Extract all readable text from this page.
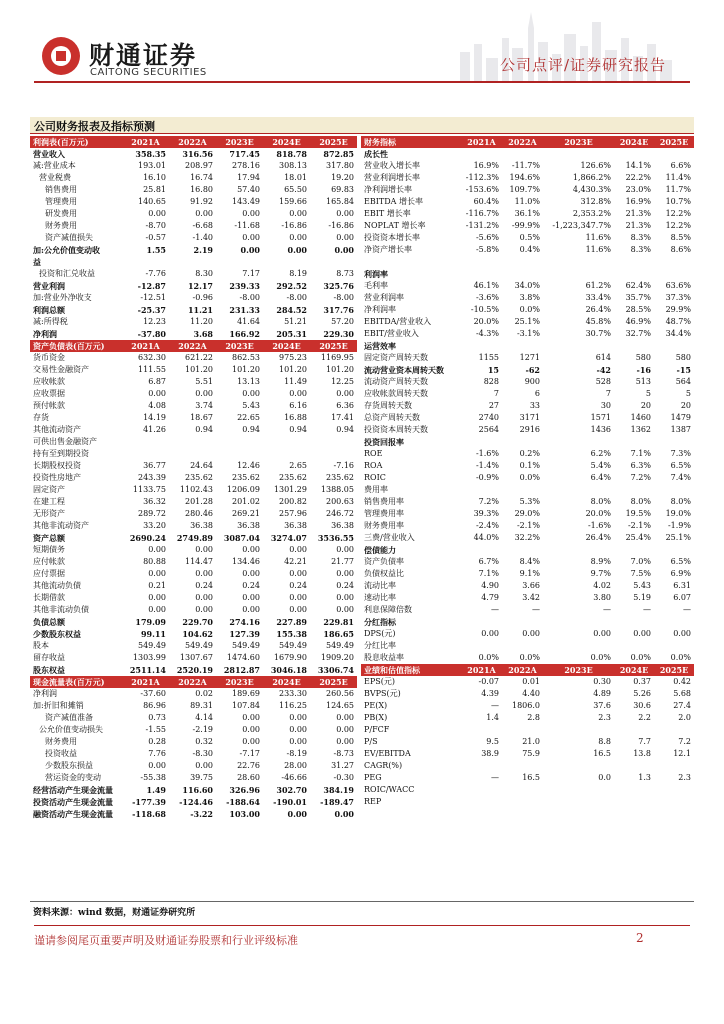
财通证券
CAITONG SECURITIES	公司点评/证券研究报告
公司财务报表及指标预测
利润表(百万元)	2021A	2022A	2023E	2024E	2025E
营业收入	358.35	316.56	717.45	818.78	872.85
减:营业成本	193.01	208.97	278.16	308.13	317.80
营业税费	16.10	16.74	17.94	18.01	19.20
销售费用	25.81	16.80	57.40	65.50	69.83
管理费用	140.65	91.92	143.49	159.66	165.84
研发费用	0.00	0.00	0.00	0.00	0.00
财务费用	-8.70	-6.68	-11.68	-16.86	-16.86
资产减值损失	-0.57	-1.40	0.00	0.00	0.00
加:公允价值变动收	1.55	2.19	0.00	0.00	0.00
益					
投资和汇兑收益	-7.76	8.30	7.17	8.19	8.73
营业利润	-12.87	12.17	239.33	292.52	325.76
加:营业外净收支	-12.51	-0.96	-8.00	-8.00	-8.00
利润总额	-25.37	11.21	231.33	284.52	317.76
减:所得税	12.23	11.20	41.64	51.21	57.20
净利润	-37.80	3.68	166.92	205.31	229.30
资产负债表(百万元)	2021A	2022A	2023E	2024E	2025E
货币资金	632.30	621.22	862.53	975.23	1169.95
交易性金融资产	111.55	101.20	101.20	101.20	101.20
应收帐款	6.87	5.51	13.13	11.49	12.25
应收票据	0.00	0.00	0.00	0.00	0.00
预付帐款	4.08	3.74	5.43	6.16	6.36
存货	14.19	18.67	22.65	16.88	17.41
其他流动资产	41.26	0.94	0.94	0.94	0.94
可供出售金融资产					
持有至到期投资					
长期股权投资	36.77	24.64	12.46	2.65	-7.16
投资性房地产	243.39	235.62	235.62	235.62	235.62
固定资产	1133.75	1102.43	1206.09	1301.29	1388.05
在建工程	36.32	201.28	201.02	200.82	200.63
无形资产	289.72	280.46	269.21	257.96	246.72
其他非流动资产	33.20	36.38	36.38	36.38	36.38
资产总额	2690.24	2749.89	3087.04	3274.07	3536.55
短期债务	0.00	0.00	0.00	0.00	0.00
应付帐款	80.88	114.47	134.46	42.21	21.77
应付票据	0.00	0.00	0.00	0.00	0.00
其他流动负债	0.21	0.24	0.24	0.24	0.24
长期借款	0.00	0.00	0.00	0.00	0.00
其他非流动负债	0.00	0.00	0.00	0.00	0.00
负债总额	179.09	229.70	274.16	227.89	229.81
少数股东权益	99.11	104.62	127.39	155.38	186.65
股本	549.49	549.49	549.49	549.49	549.49
留存收益	1303.99	1307.67	1474.60	1679.90	1909.20
股东权益	2511.14	2520.19	2812.87	3046.18	3306.74
现金流量表(百万元)	2021A	2022A	2023E	2024E	2025E
净利润	-37.60	0.02	189.69	233.30	260.56
加:折旧和摊销	86.96	89.31	107.84	116.25	124.65
资产减值准备	0.73	4.14	0.00	0.00	0.00
公允价值变动损失	-1.55	-2.19	0.00	0.00	0.00
财务费用	0.28	0.32	0.00	0.00	0.00
投资收益	7.76	-8.30	-7.17	-8.19	-8.73
少数股东损益	0.00	0.00	22.76	28.00	31.27
营运资金的变动	-55.38	39.75	28.60	-46.66	-0.30
经营活动产生现金流量	1.49	116.60	326.96	302.70	384.19
投资活动产生现金流量	-177.39	-124.46	-188.64	-190.01	-189.47
融资活动产生现金流量	-118.68	-3.22	103.00	0.00	0.00
财务指标	2021A	2022A	2023E	2024E	2025E
成长性					
营业收入增长率	16.9%	-11.7%	126.6%	14.1%	6.6%
营业利润增长率	-112.3%	194.6%	1,866.2%	22.2%	11.4%
净利润增长率	-153.6%	109.7%	4,430.3%	23.0%	11.7%
EBITDA 增长率	60.4%	11.0%	312.8%	16.9%	10.7%
EBIT 增长率	-116.7%	36.1%	2,353.2%	21.3%	12.2%
NOPLAT 增长率	-131.2%	-99.9%	-1,223,347.7%	21.3%	12.2%
投资资本增长率	-5.6%	0.5%	11.6%	8.3%	8.5%
净资产增长率	-5.8%	0.4%	11.6%	8.3%	8.6%

利润率					
毛利率	46.1%	34.0%	61.2%	62.4%	63.6%
营业利润率	-3.6%	3.8%	33.4%	35.7%	37.3%
净利润率	-10.5%	0.0%	26.4%	28.5%	29.9%
EBITDA/营业收入	20.0%	25.1%	45.8%	46.9%	48.7%
EBIT/营业收入	-4.3%	-3.1%	30.7%	32.7%	34.4%
运营效率					
固定资产周转天数	1155	1271	614	580	580
流动营业资本周转天数	15	-62	-42	-16	-15
流动资产周转天数	828	900	528	513	564
应收帐款周转天数	7	6	7	5	5
存货周转天数	27	33	30	20	20
总资产周转天数	2740	3171	1571	1460	1479
投资资本周转天数	2564	2916	1436	1362	1387
投资回报率					
ROE	-1.6%	0.2%	6.2%	7.1%	7.3%
ROA	-1.4%	0.1%	5.4%	6.3%	6.5%
ROIC	-0.9%	0.0%	6.4%	7.2%	7.4%
费用率					
销售费用率	7.2%	5.3%	8.0%	8.0%	8.0%
管理费用率	39.3%	29.0%	20.0%	19.5%	19.0%
财务费用率	-2.4%	-2.1%	-1.6%	-2.1%	-1.9%
三费/营业收入	44.0%	32.2%	26.4%	25.4%	25.1%
偿债能力					
资产负债率	6.7%	8.4%	8.9%	7.0%	6.5%
负债权益比	7.1%	9.1%	9.7%	7.5%	6.9%
流动比率	4.90	3.66	4.02	5.43	6.31
速动比率	4.79	3.42	3.80	5.19	6.07
利息保障倍数	—	—	—	—	—
分红指标					
DPS(元)	0.00	0.00	0.00	0.00	0.00
分红比率					
股息收益率	0.0%	0.0%	0.0%	0.0%	0.0%
业绩和估值指标	2021A	2022A	2023E	2024E	2025E
EPS(元)	-0.07	0.01	0.30	0.37	0.42
BVPS(元)	4.39	4.40	4.89	5.26	5.68
PE(X)	—	1806.0	37.6	30.6	27.4
PB(X)	1.4	2.8	2.3	2.2	2.0
P/FCF					
P/S	9.5	21.0	8.8	7.7	7.2
EV/EBITDA	38.9	75.9	16.5	13.8	12.1
CAGR(%)					
PEG	—	16.5	0.0	1.3	2.3
ROIC/WACC					
REP					
资料来源：wind 数据，财通证券研究所
谨请参阅尾页重要声明及财通证券股票和行业评级标准	2
